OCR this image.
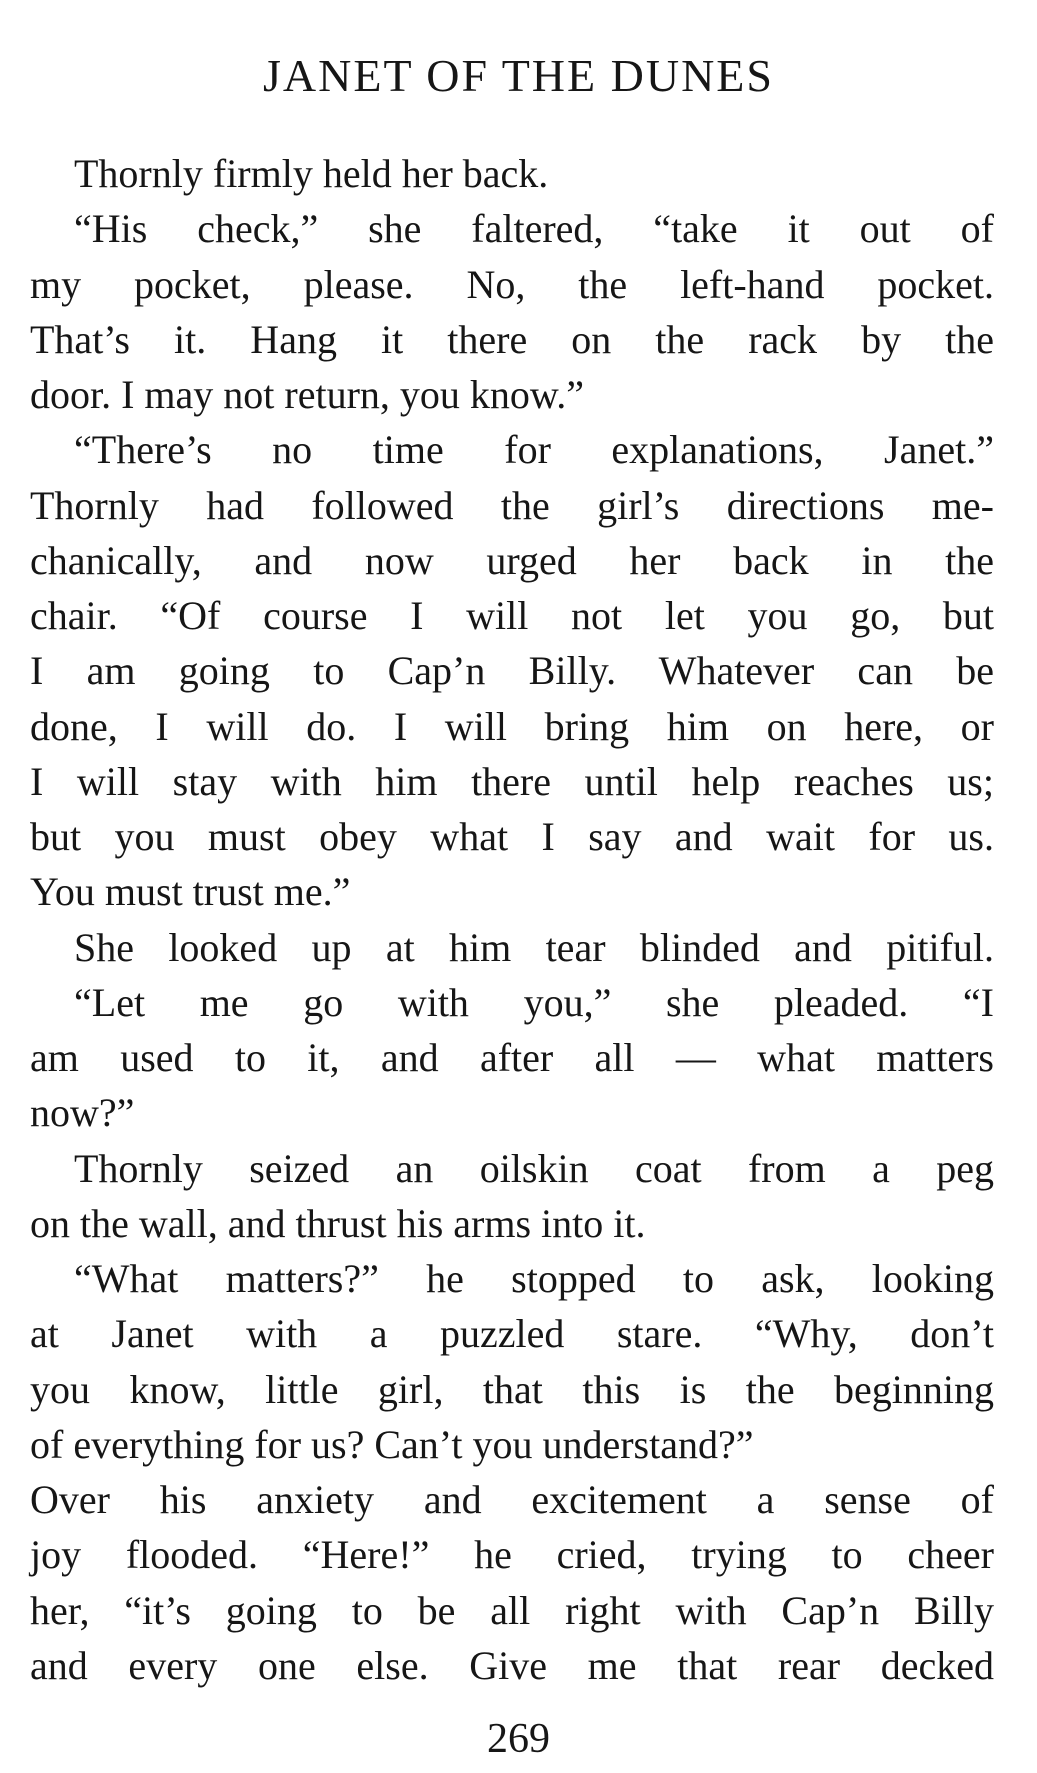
JANET OF THE DUNES
Thornly firmly held her back.
“His check,” she faltered, “take it out of
my pocket, please. No, the left-hand pocket.
That’s it. Hang it there on the rack by the
door. I may not return, you know.”
“There’s no time for explanations, Janet.”
Thornly had followed the girl’s directions me-
chanically, and now urged her back in the
chair. “Of course I will not let you go, but
I am going to Cap’n Billy. Whatever can be
done, I will do. I will bring him on here, or
I will stay with him there until help reaches us;
but you must obey what I say and wait for us.
You must trust me.”
She looked up at him tear blinded and pitiful.
“Let me go with you,” she pleaded. “I
am used to it, and after all — what matters
now?”
Thornly seized an oilskin coat from a peg
on the wall, and thrust his arms into it.
“What matters?” he stopped to ask, looking
at Janet with a puzzled stare. “Why, don’t
you know, little girl, that this is the beginning
of everything for us? Can’t you understand?”
Over his anxiety and excitement a sense of
joy flooded. “Here!” he cried, trying to cheer
her, “it’s going to be all right with Cap’n Billy
and every one else. Give me that rear decked
269
